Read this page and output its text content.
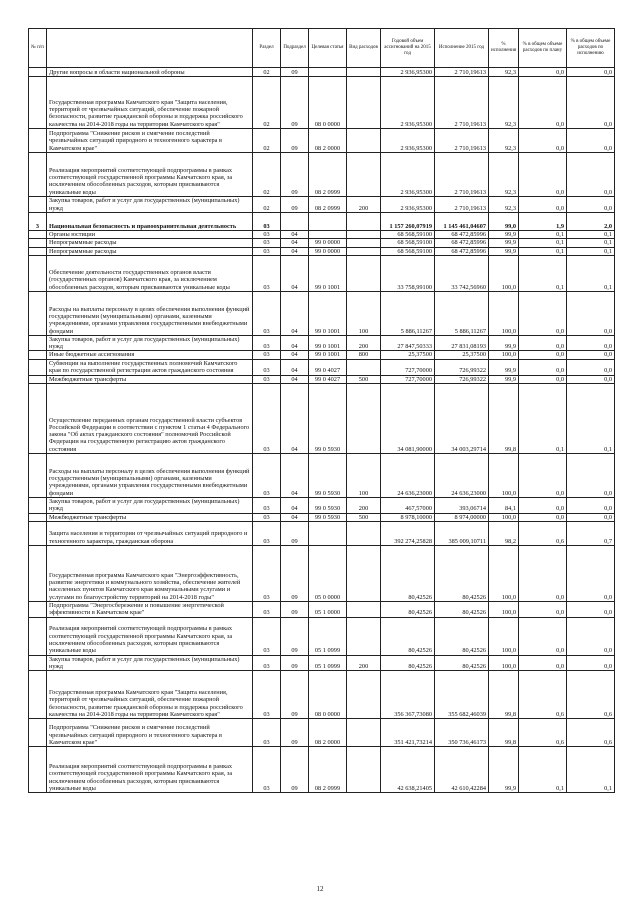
№ п/п		Раздел	Подраздел	Целевая статья	Вид расходов	Годовой объем ассигнований на 2015 год	Исполнение 2015 год	% исполнения	% в общем объеме расходов по плану	% в общем объеме расходов по исполнению
	Другие вопросы в области национальной обороны	02	09			2 936,95300	2 710,19613	92,3	0,0	0,0
	Государственная программа Камчатского края "Защита населения, территорий от чрезвычайных ситуаций, обеспечение пожарной безопасности, развитие гражданской обороны и поддержка российского казачества на 2014-2018 годы на территории Камчатского края"	02	09	08 0 0000		2 936,95300	2 710,19613	92,3	0,0	0,0
	Подпрограмма "Снижение рисков и смягчение последствий чрезвычайных ситуаций природного и техногенного характера в Камчатском крае"	02	09	08 2 0000		2 936,95300	2 710,19613	92,3	0,0	0,0
	Реализация мероприятий соответствующей подпрограммы в рамках соответствующей государственной программы Камчатского края, за исключением обособленных расходов, которым присваиваются уникальные коды	02	09	08 2 0999		2 936,95300	2 710,19613	92,3	0,0	0,0
	Закупка товаров, работ и услуг для государственных (муниципальных) нужд	02	09	08 2 0999	200	2 936,95300	2 710,19613	92,3	0,0	0,0
3	Национальная безопасность и правоохранительная деятельность	03				1 157 260,07919	1 145 461,04607	99,0	1,9	2,0
	Органы юстиции	03	04			68 568,59100	68 472,85996	99,9	0,1	0,1
	Непрограммные расходы	03	04	99 0 0000		68 568,59100	68 472,85996	99,9	0,1	0,1
	Непрограммные расходы	03	04	99 0 0000		68 568,59100	68 472,85996	99,9	0,1	0,1
	Обеспечение деятельности государственных органов власти (государственных органов) Камчатского края, за исключением обособленных расходов, которым присваиваются уникальные коды	03	04	99 0 1001		33 758,99100	33 742,56960	100,0	0,1	0,1
	Расходы на выплаты персоналу в целях обеспечения выполнения функций государственными (муниципальными) органами, казенными учреждениями, органами управления государственными внебюджетными фондами	03	04	99 0 1001	100	5 886,11267	5 886,11267	100,0	0,0	0,0
	Закупка товаров, работ и услуг для государственных (муниципальных) нужд	03	04	99 0 1001	200	27 847,50333	27 831,08193	99,9	0,0	0,0
	Иные бюджетные ассигнования	03	04	99 0 1001	800	25,37500	25,37500	100,0	0,0	0,0
	Субвенции на выполнение государственных полномочий Камчатского края по государственной регистрации актов гражданского состояния	03	04	99 0 4027		727,70000	726,99322	99,9	0,0	0,0
	Межбюджетные трансферты	03	04	99 0 4027	500	727,70000	726,99322	99,9	0,0	0,0
	Осуществление переданных органам государственной власти субъектов Российской Федерации в соответствии с пунктом 1 статьи 4 Федерального закона "Об актах гражданского состояния" полномочий Российской Федерации на государственную регистрацию актов гражданского состояния	03	04	99 0 5930		34 081,90000	34 003,29714	99,8	0,1	0,1
	Расходы на выплаты персоналу в целях обеспечения выполнения функций государственными (муниципальными) органами, казенными учреждениями, органами управления государственными внебюджетными фондами	03	04	99 0 5930	100	24 636,23000	24 636,23000	100,0	0,0	0,0
	Закупка товаров, работ и услуг для государственных (муниципальных) нужд	03	04	99 0 5930	200	467,57000	393,06714	84,1	0,0	0,0
	Межбюджетные трансферты	03	04	99 0 5930	500	8 978,10000	8 974,00000	100,0	0,0	0,0
	Защита населения и территории от чрезвычайных ситуаций природного и техногенного характера, гражданская оборона	03	09			392 274,25828	385 009,10711	98,2	0,6	0,7
	Государственная программа Камчатского края "Энергоэффективность, развитие энергетики и коммунального хозяйства, обеспечение жителей населенных пунктов Камчатского края коммунальными услугами и услугами по благоустройству территорий на 2014-2018 годы"	03	09	05 0 0000		80,42526	80,42526	100,0	0,0	0,0
	Подпрограмма "Энергосбережение и повышение энергетической эффективности в Камчатском крае"	03	09	05 1 0000		80,42526	80,42526	100,0	0,0	0,0
	Реализация мероприятий соответствующей подпрограммы в рамках соответствующей государственной программы Камчатского края, за исключением обособленных расходов, которым присваиваются уникальные коды	03	09	05 1 0999		80,42526	80,42526	100,0	0,0	0,0
	Закупка товаров, работ и услуг для государственных (муниципальных) нужд	03	09	05 1 0999	200	80,42526	80,42526	100,0	0,0	0,0
	Государственная программа Камчатского края "Защита населения, территорий от чрезвычайных ситуаций, обеспечение пожарной безопасности, развитие гражданской обороны и поддержка российского казачества на 2014-2018 годы на территории Камчатского края"	03	09	08 0 0000		356 367,73080	355 682,46039	99,8	0,6	0,6
	Подпрограмма "Снижение рисков и смягчение последствий чрезвычайных ситуаций природного и техногенного характера в Камчатском крае"	03	09	08 2 0000		351 421,73214	350 736,46173	99,8	0,6	0,6
	Реализация мероприятий соответствующей подпрограммы в рамках соответствующей государственной программы Камчатского края, за исключением обособленных расходов, которым присваиваются уникальные коды	03	09	08 2 0999		42 638,21405	42 610,42284	99,9	0,1	0,1
12
